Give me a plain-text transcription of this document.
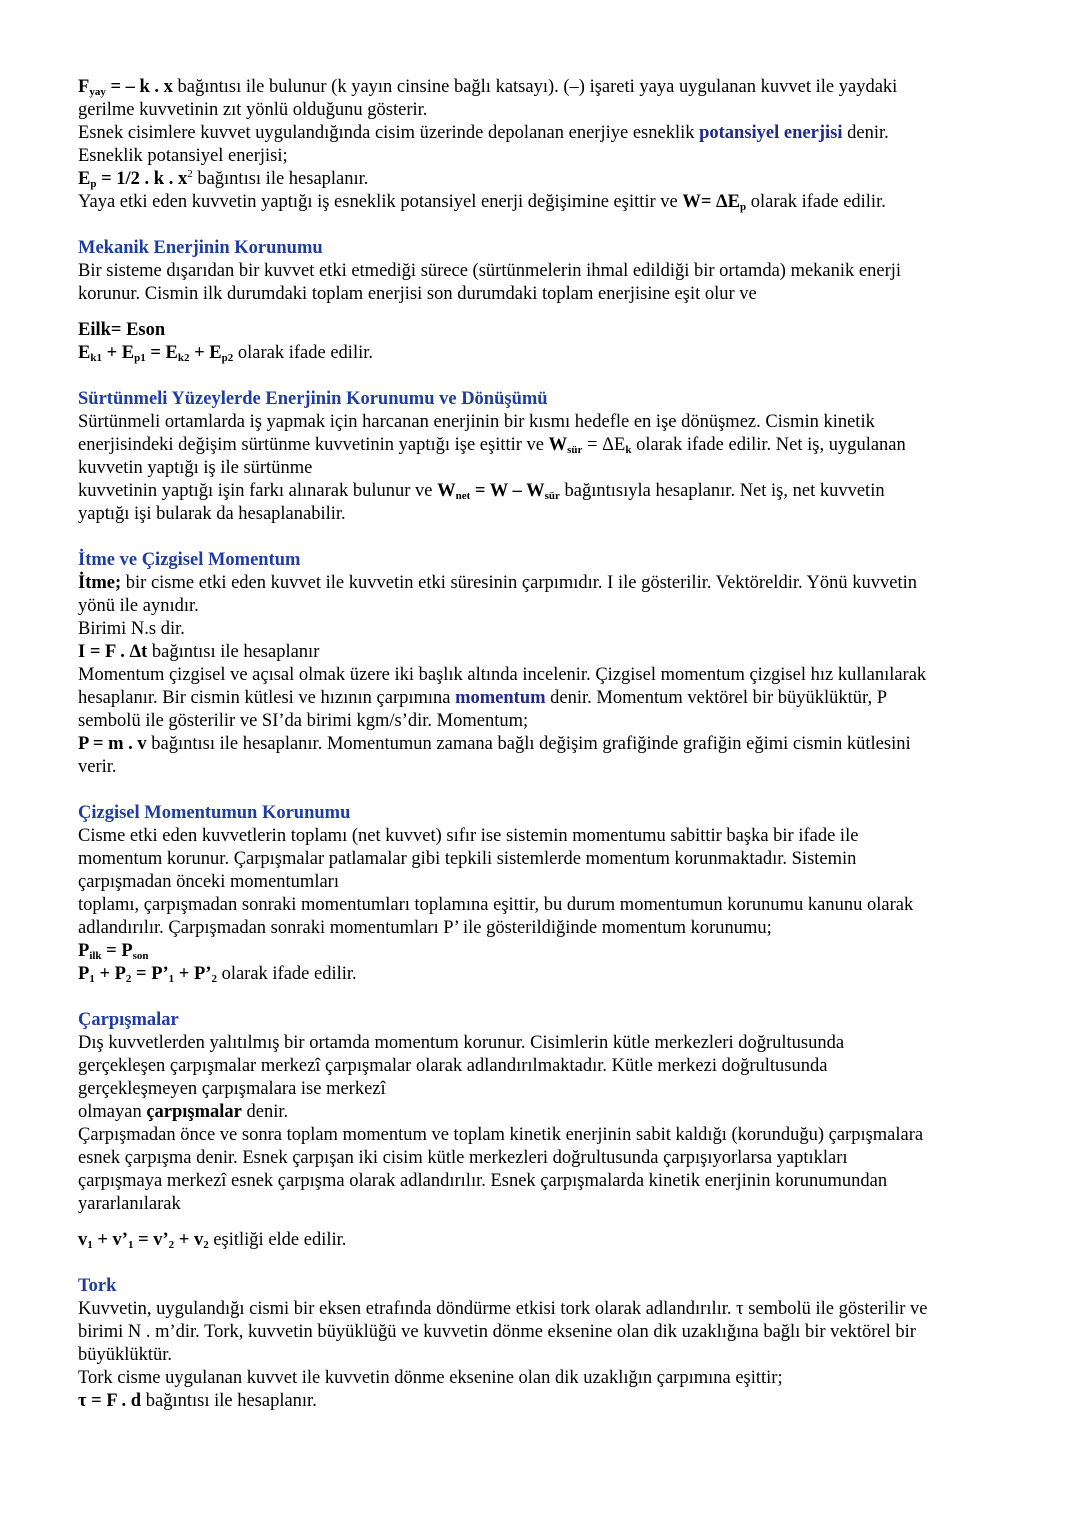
$F_{yay}$ = – k . x bağıntısı ile bulunur (k yayın cinsine bağlı katsayı). (–) işareti yaya uygulanan kuvvet ile yaydaki
gerilme kuvvetinin zıt yönlü olduğunu gösterir.
Esnek cisimlere kuvvet uygulandığında cisim üzerinde depolanan enerjiye esneklik potansiyel enerjisi denir.
Esneklik potansiyel enerjisi;
$E_p = 1/2$ . k . $x^2$ bağıntısı ile hesaplanır.
Yaya etki eden kuvvetin yaptığı iş esneklik potansiyel enerji değişimine eşittir ve $W= \Delta E_p$ olarak ifade edilir.
Mekanik Enerjinin Korunumu
Bir sisteme dışarıdan bir kuvvet etki etmediği sürece (sürtünmelerin ihmal edildiği bir ortamda) mekanik enerji
korunur. Cismin ilk durumdaki toplam enerjisi son durumdaki toplam enerjisine eşit olur ve
Eilk= Eson
$E_{k1} + E_{p1} = E_{k2} + E_{p2}$ olarak ifade edilir.
Sürtünmeli Yüzeylerde Enerjinin Korunumu ve Dönüşümü
Sürtünmeli ortamlarda iş yapmak için harcanan enerjinin bir kısmı hedefle en işe dönüşmez. Cismin kinetik
enerjisindeki değişim sürtünme kuvvetinin yaptığı işe eşittir ve $W_{sür} = \Delta E_k$ olarak ifade edilir. Net iş, uygulanan
kuvvetin yaptığı iş ile sürtünme
kuvvetinin yaptığı işin farkı alınarak bulunur ve $W_{net} = W - W_{sür}$ bağıntısıyla hesaplanır. Net iş, net kuvvetin
yaptığı işi bularak da hesaplanabilir.
İtme ve Çizgisel Momentum
İtme; bir cisme etki eden kuvvet ile kuvvetin etki süresinin çarpımıdır. I ile gösterilir. Vektöreldir. Yönü kuvvetin
yönü ile aynıdır.
Birimi N.s dir.
I = F . Δt bağıntısı ile hesaplanır
Momentum çizgisel ve açısal olmak üzere iki başlık altında incelenir. Çizgisel momentum çizgisel hız kullanılarak
hesaplanır. Bir cismin kütlesi ve hızının çarpımına momentum denir. Momentum vektörel bir büyüklüktür, P
sembolü ile gösterilir ve SI’da birimi kgm/s’dir. Momentum;
P = m . v bağıntısı ile hesaplanır. Momentumun zamana bağlı değişim grafiğinde grafiğin eğimi cismin kütlesini
verir.
Çizgisel Momentumun Korunumu
Cisme etki eden kuvvetlerin toplamı (net kuvvet) sıfır ise sistemin momentumu sabittir başka bir ifade ile
momentum korunur. Çarpışmalar patlamalar gibi tepkili sistemlerde momentum korunmaktadır. Sistemin
çarpışmadan önceki momentumları
toplamı, çarpışmadan sonraki momentumları toplamına eşittir, bu durum momentumun korunumu kanunu olarak
adlandırılır. Çarpışmadan sonraki momentumları P’ ile gösterildiğinde momentum korunumu;
$P_{ilk} = P_{son}$
$P_1 + P_2$ = $P’_1$ + $P’_2$ olarak ifade edilir.
Çarpışmalar
Dış kuvvetlerden yalıtılmış bir ortamda momentum korunur. Cisimlerin kütle merkezleri doğrultusunda
gerçekleşen çarpışmalar merkezî çarpışmalar olarak adlandırılmaktadır. Kütle merkezi doğrultusunda
gerçekleşmeyen çarpışmalara ise merkezî
olmayan çarpışmalar denir.
Çarpışmadan önce ve sonra toplam momentum ve toplam kinetik enerjinin sabit kaldığı (korunduğu) çarpışmalara
esnek çarpışma denir. Esnek çarpışan iki cisim kütle merkezleri doğrultusunda çarpışıyorlarsa yaptıkları
çarpışmaya merkezî esnek çarpışma olarak adlandırılır. Esnek çarpışmalarda kinetik enerjinin korunumundan
yararlanılarak
$v_1$ + $v’_1$ = $v’_2 + v_2$ eşitliği elde edilir.
Tork
Kuvvetin, uygulandığı cismi bir eksen etrafında döndürme etkisi tork olarak adlandırılır. τ sembolü ile gösterilir ve
birimi N . m’dir. Tork, kuvvetin büyüklüğü ve kuvvetin dönme eksenine olan dik uzaklığına bağlı bir vektörel bir
büyüklüktür.
Tork cisme uygulanan kuvvet ile kuvvetin dönme eksenine olan dik uzaklığın çarpımına eşittir;
τ = F . d bağıntısı ile hesaplanır.
